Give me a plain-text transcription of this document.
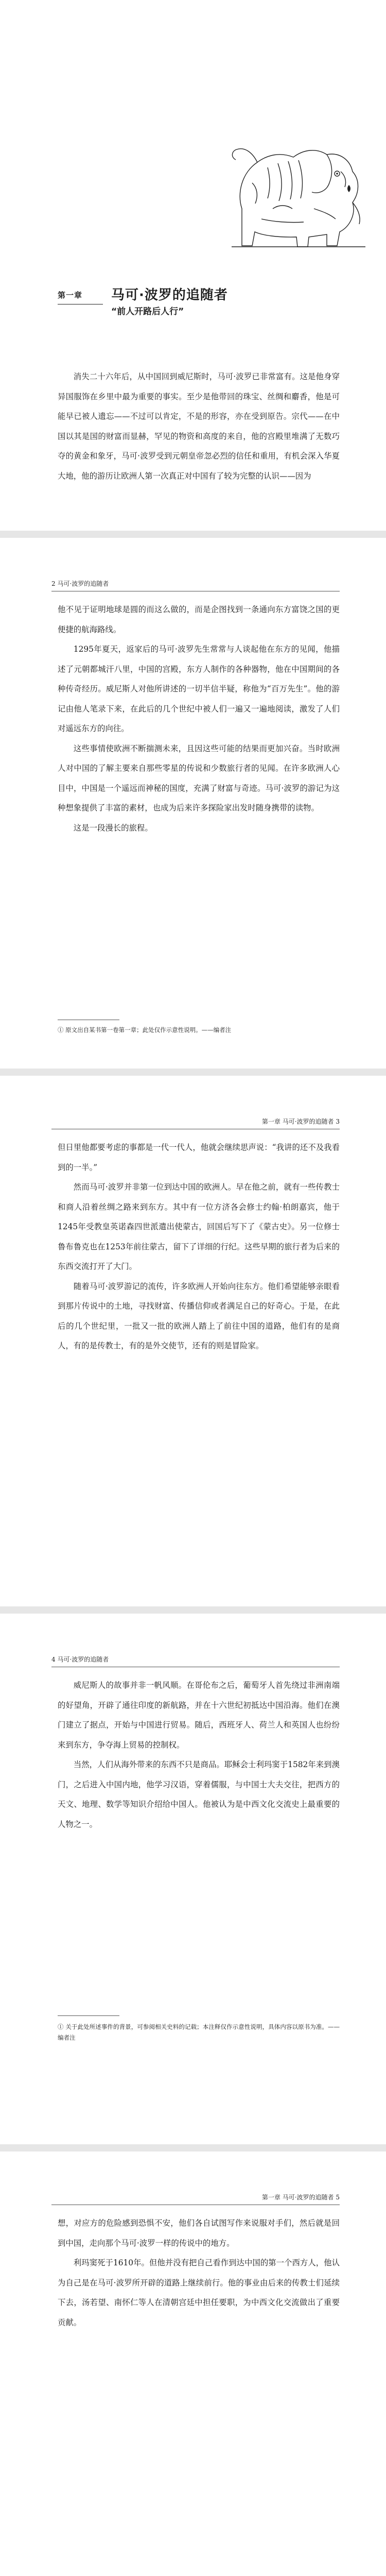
第一章 马可·波罗的追随者
“前人开路后人行”

消失二十六年后，从中国回到威尼斯时，马可·波罗已非常富有。这是他身穿异国服饰在乡里中最为重要的事实。至少是他带回的珠宝、丝绸和麝香，他是可能早已被人遗忘——不过可以肯定，不是的形容，亦在受到原告。宗代——在中国以其是国的财富而显赫，罕见的物资和高度的来自，他的宫殿里堆满了无数巧夺的黄金和象牙，马可·波罗受到元朝皇帝忽必烈的信任和重用，有机会深入华夏大地，他的游历让欧洲人第一次真正对中国有了较为完整的认识——因为

2 马可·波罗的追随者

他不见于证明地球是圆的而这么做的，而是企图找到一条通向东方富饶之国的更便捷的航海路线。

1295年夏天，返家后的马可·波罗先生常常与人谈起他在东方的见闻，他描述了元朝都城汗八里，中国的宫殿，东方人制作的各种器物，他在中国期间的各种传奇经历。威尼斯人对他所讲述的一切半信半疑，称他为“百万先生”。他的游记由他人笔录下来，在此后的几个世纪中被人们一遍又一遍地阅读，激发了人们对遥远东方的向往。

这些事情使欧洲不断揣测未来，且因这些可能的结果而更加兴奋。当时欧洲人对中国的了解主要来自那些零星的传说和少数旅行者的见闻。在许多欧洲人心目中，中国是一个遥远而神秘的国度，充满了财富与奇迹。马可·波罗的游记为这种想象提供了丰富的素材，也成为后来许多探险家出发时随身携带的读物。

这是一段漫长的旅程。

① 原文出自某书第一卷第一章；此处仅作示意性说明。——编者注
第一章 马可·波罗的追随者 3

但日里他都要考虑的事都是一代一代人，他就会继续思声说：“我讲的还不及我看到的一半。”

然而马可·波罗并非第一位到达中国的欧洲人。早在他之前，就有一些传教士和商人沿着丝绸之路来到东方。其中有一位方济各会修士约翰·柏朗嘉宾，他于1245年受教皇英诺森四世派遣出使蒙古，回国后写下了《蒙古史》。另一位修士鲁布鲁克也在1253年前往蒙古，留下了详细的行纪。这些早期的旅行者为后来的东西交流打开了大门。

随着马可·波罗游记的流传，许多欧洲人开始向往东方。他们希望能够亲眼看到那片传说中的土地，寻找财富、传播信仰或者满足自己的好奇心。于是，在此后的几个世纪里，一批又一批的欧洲人踏上了前往中国的道路，他们有的是商人，有的是传教士，有的是外交使节，还有的则是冒险家。

4 马可·波罗的追随者

威尼斯人的故事并非一帆风顺。在哥伦布之后，葡萄牙人首先绕过非洲南端的好望角，开辟了通往印度的新航路，并在十六世纪初抵达中国沿海。他们在澳门建立了据点，开始与中国进行贸易。随后，西班牙人、荷兰人和英国人也纷纷来到东方，争夺海上贸易的控制权。

当然，人们从海外带来的东西不只是商品。耶稣会士利玛窦于1582年来到澳门，之后进入中国内地，他学习汉语，穿着儒服，与中国士大夫交往，把西方的天文、地理、数学等知识介绍给中国人。他被认为是中西文化交流史上最重要的人物之一。

① 关于此处所述事件的背景，可参阅相关史料的记载；本注释仅作示意性说明，具体内容以原书为准。——编者注
第一章 马可·波罗的追随者 5

想，对应方的危险感到恐惧不安，他们各自试图写作来说服对手们，然后就是回到中国，走向那个马可·波罗一样的传说中的地方。

利玛窦死于1610年。但他并没有把自己看作到达中国的第一个西方人，他认为自己是在马可·波罗所开辟的道路上继续前行。他的事业由后来的传教士们延续下去，汤若望、南怀仁等人在清朝宫廷中担任要职，为中西文化交流做出了重要贡献。
